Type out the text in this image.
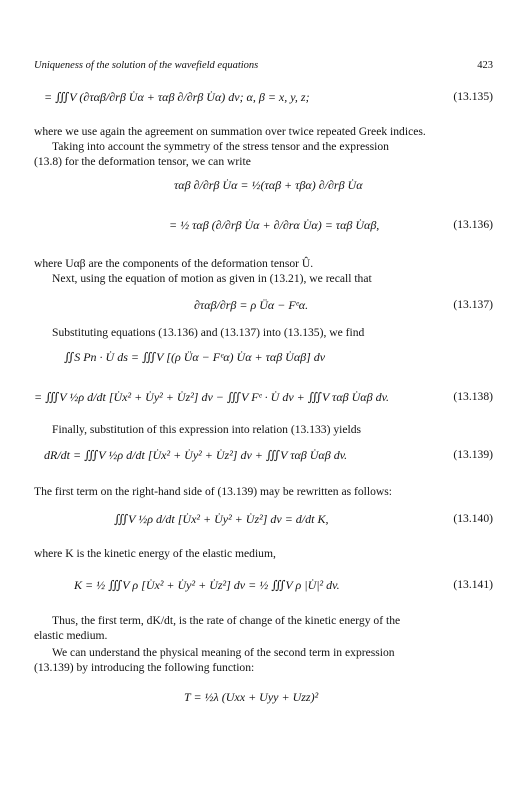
Uniqueness of the solution of the wavefield equations	423
= ∭V (∂ταβ/∂rβ U̇α + ταβ ∂/∂rβ U̇α) dv; α, β = x, y, z;	(13.135)
where we use again the agreement on summation over twice repeated Greek indices.
Taking into account the symmetry of the stress tensor and the expression
(13.8) for the deformation tensor, we can write
ταβ ∂/∂rβ U̇α = ½(ταβ + τβα) ∂/∂rβ U̇α
= ½ ταβ (∂/∂rβ U̇α + ∂/∂rα U̇α) = ταβ U̇αβ,	(13.136)
where Uαβ are the components of the deformation tensor Û.
Next, using the equation of motion as given in (13.21), we recall that
∂ταβ/∂rβ = ρ Üα − Fᵉα.	(13.137)
Substituting equations (13.136) and (13.137) into (13.135), we find
∬S Pn · U̇ ds = ∭V [(ρ Üα − Fᵉα) U̇α + ταβ U̇αβ] dv
= ∭V ½ρ d/dt [U̇x² + U̇y² + U̇z²] dv − ∭V Fᵉ · U̇ dv + ∭V ταβ U̇αβ dv.	(13.138)
Finally, substitution of this expression into relation (13.133) yields
dR/dt = ∭V ½ρ d/dt [U̇x² + U̇y² + U̇z²] dv + ∭V ταβ U̇αβ dv.	(13.139)
The first term on the right-hand side of (13.139) may be rewritten as follows:
∭V ½ρ d/dt [U̇x² + U̇y² + U̇z²] dv = d/dt K,	(13.140)
where K is the kinetic energy of the elastic medium,
K = ½ ∭V ρ [U̇x² + U̇y² + U̇z²] dv = ½ ∭V ρ |U̇|² dv.	(13.141)
Thus, the first term, dK/dt, is the rate of change of the kinetic energy of the
elastic medium.
We can understand the physical meaning of the second term in expression
(13.139) by introducing the following function:
T = ½λ (Uxx + Uyy + Uzz)²
